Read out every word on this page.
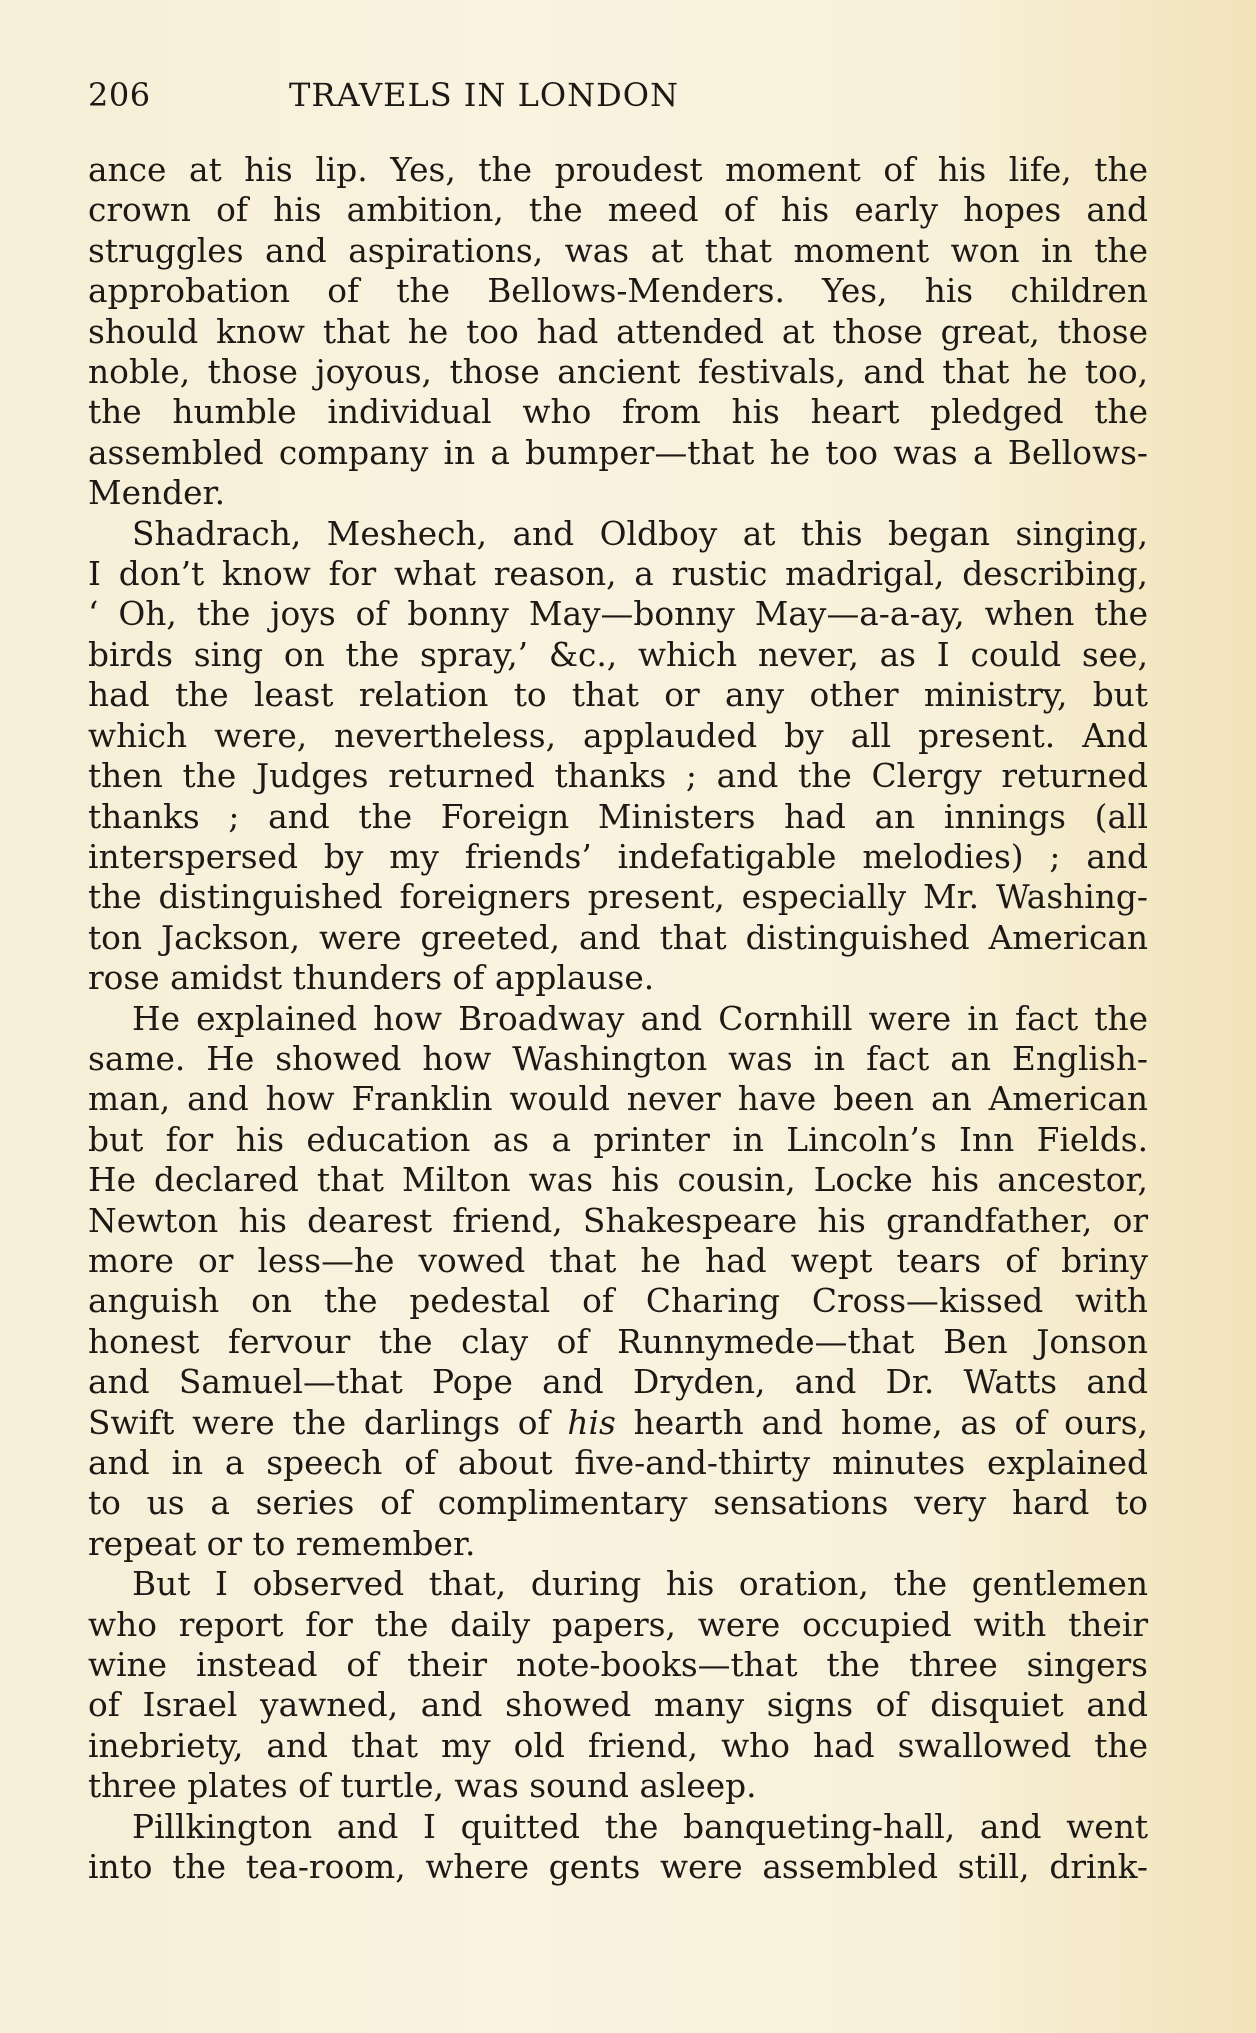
206	TRAVELS IN LONDON
ance at his lip. Yes, the proudest moment of his life, the
crown of his ambition, the meed of his early hopes and
struggles and aspirations, was at that moment won in the
approbation of the Bellows-Menders. Yes, his children
should know that he too had attended at those great, those
noble, those joyous, those ancient festivals, and that he too,
the humble individual who from his heart pledged the
assembled company in a bumper—that he too was a Bellows-
Mender.
Shadrach, Meshech, and Oldboy at this began singing,
I don’t know for what reason, a rustic madrigal, describing,
‘ Oh, the joys of bonny May—bonny May—a-a-ay, when the
birds sing on the spray,’ &c., which never, as I could see,
had the least relation to that or any other ministry, but
which were, nevertheless, applauded by all present. And
then the Judges returned thanks ; and the Clergy returned
thanks ; and the Foreign Ministers had an innings (all
interspersed by my friends’ indefatigable melodies) ; and
the distinguished foreigners present, especially Mr. Washing-
ton Jackson, were greeted, and that distinguished American
rose amidst thunders of applause.
He explained how Broadway and Cornhill were in fact the
same. He showed how Washington was in fact an English-
man, and how Franklin would never have been an American
but for his education as a printer in Lincoln’s Inn Fields.
He declared that Milton was his cousin, Locke his ancestor,
Newton his dearest friend, Shakespeare his grandfather, or
more or less—he vowed that he had wept tears of briny
anguish on the pedestal of Charing Cross—kissed with
honest fervour the clay of Runnymede—that Ben Jonson
and Samuel—that Pope and Dryden, and Dr. Watts and
Swift were the darlings of his hearth and home, as of ours,
and in a speech of about five-and-thirty minutes explained
to us a series of complimentary sensations very hard to
repeat or to remember.
But I observed that, during his oration, the gentlemen
who report for the daily papers, were occupied with their
wine instead of their note-books—that the three singers
of Israel yawned, and showed many signs of disquiet and
inebriety, and that my old friend, who had swallowed the
three plates of turtle, was sound asleep.
Pillkington and I quitted the banqueting-hall, and went
into the tea-room, where gents were assembled still, drink-
